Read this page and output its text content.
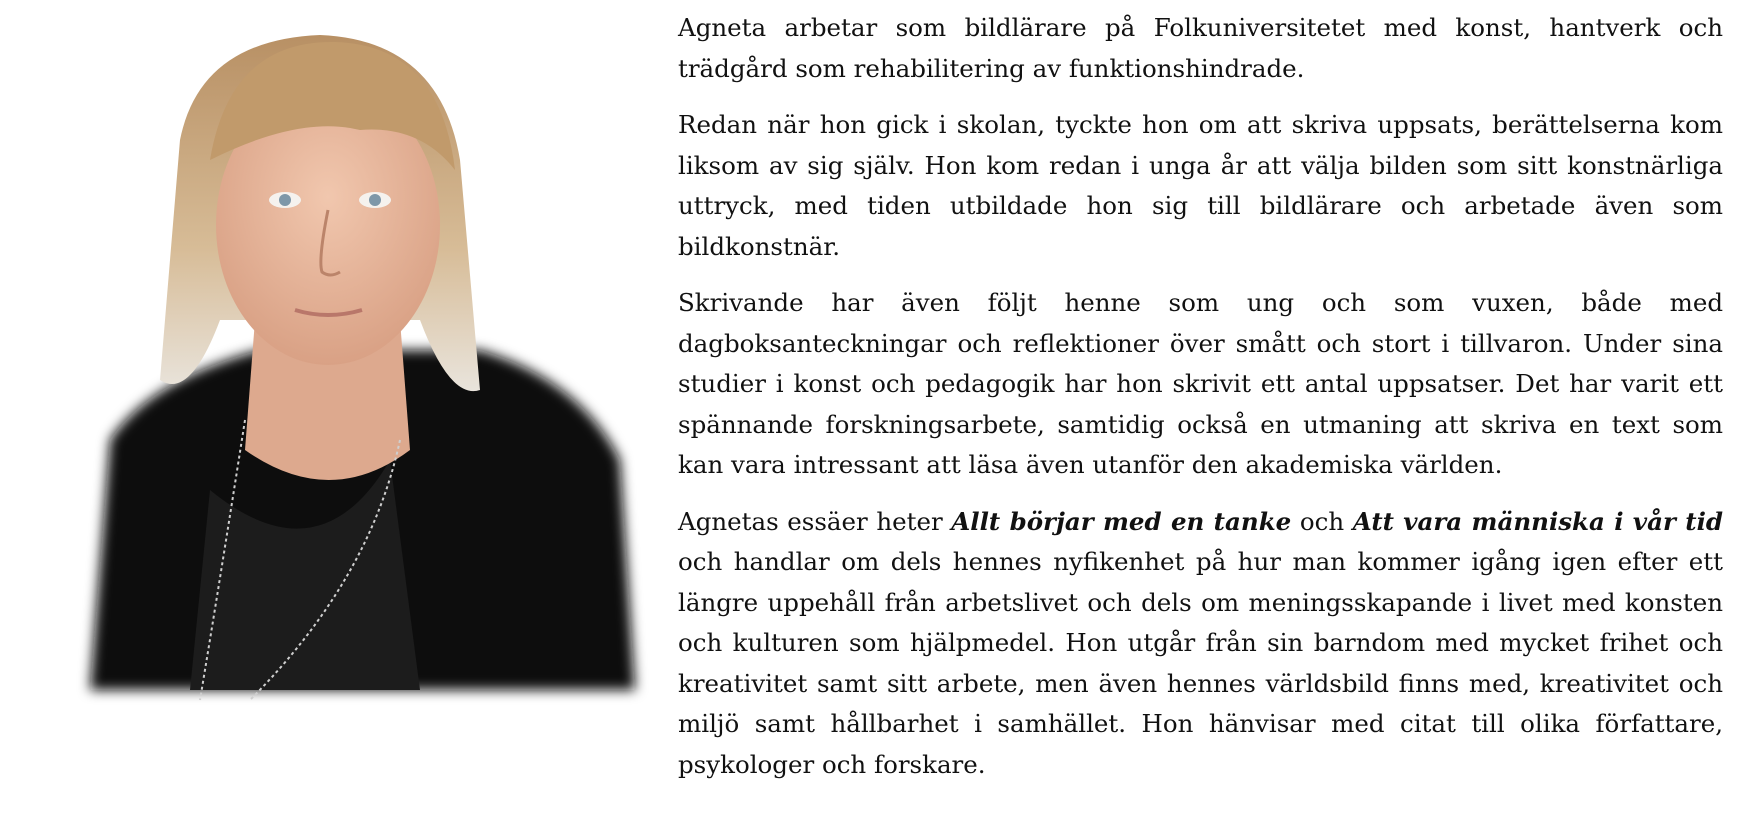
Agneta arbetar som bildlärare på Folkuniversitetet med konst, hantverk och trädgård som rehabilitering av funktionshindrade.

Redan när hon gick i skolan, tyckte hon om att skriva uppsats, berättelserna kom liksom av sig själv. Hon kom redan i unga år att välja bilden som sitt konstnärliga uttryck, med tiden utbildade hon sig till bildlärare och arbetade även som bildkonstnär.

Skrivande har även följt henne som ung och som vuxen, både med dagboksanteckningar och reflektioner över smått och stort i tillvaron. Under sina studier i konst och pedagogik har hon skrivit ett antal uppsatser. Det har varit ett spännande forskningsarbete, samtidig också en utmaning att skriva en text som kan vara intressant att läsa även utanför den akademiska världen.

Agnetas essäer heter Allt börjar med en tanke och Att vara människa i vår tid och handlar om dels hennes nyfikenhet på hur man kommer igång igen efter ett längre uppehåll från arbetslivet och dels om meningsskapande i livet med konsten och kulturen som hjälpmedel. Hon utgår från sin barndom med mycket frihet och kreativitet samt sitt arbete, men även hennes världsbild finns med, kreativitet och miljö samt hållbarhet i samhället. Hon hänvisar med citat till olika författare, psykologer och forskare.
